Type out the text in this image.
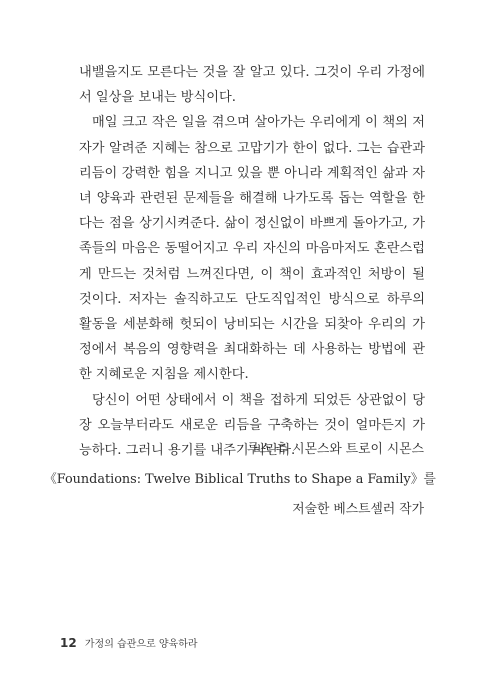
내밸을지도 모른다는 것을 잘 알고 있다. 그것이 우리 가정에서 일상을 보내는 방식이다.

매일 크고 작은 일을 겪으며 살아가는 우리에게 이 책의 저자가 알려준 지혜는 참으로 고맙기가 한이 없다. 그는 습관과 리듬이 강력한 힘을 지니고 있을 뿐 아니라 계획적인 삶과 자녀 양육과 관련된 문제들을 해결해 나가도록 돕는 역할을 한다는 점을 상기시켜준다. 삶이 정신없이 바쁘게 돌아가고, 가족들의 마음은 동떨어지고 우리 자신의 마음마저도 혼란스럽게 만드는 것처럼 느껴진다면, 이 책이 효과적인 처방이 될 것이다. 저자는 솔직하고도 단도직입적인 방식으로 하루의 활동을 세분화해 헛되이 낭비되는 시간을 되찾아 우리의 가정에서 복음의 영향력을 최대화하는 데 사용하는 방법에 관한 지혜로운 지침을 제시한다.

당신이 어떤 상태에서 이 책을 접하게 되었든 상관없이 당장 오늘부터라도 새로운 리듬을 구축하는 것이 얼마든지 가능하다. 그러니 용기를 내주기 바란다.

루스 츄 시몬스와 트로이 시몬스
《Foundations: Twelve Biblical Truths to Shape a Family》를
저술한 베스트셀러 작가
12 가정의 습관으로 양육하라
